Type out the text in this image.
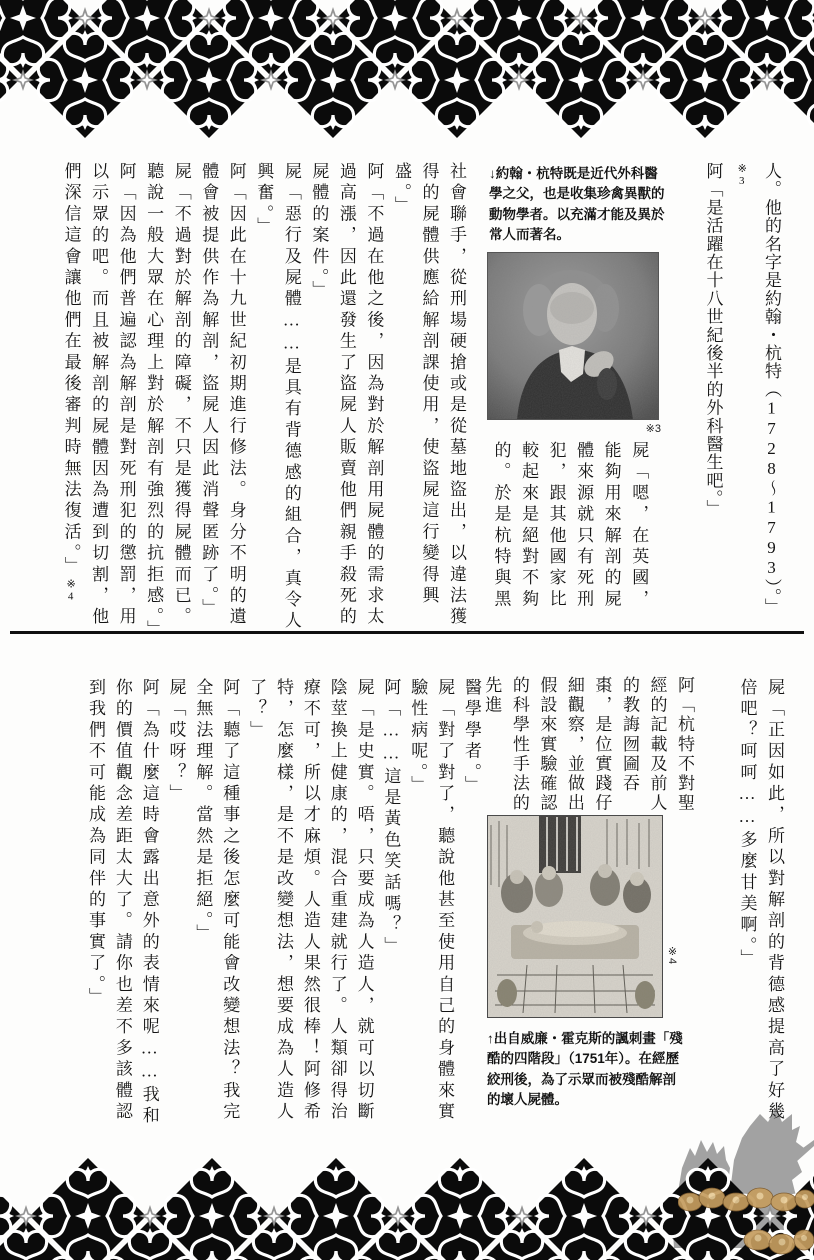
人。他的名字是約翰・杭特（1728～1793）。」※3

阿「是活躍在十八世紀後半的外科醫生吧。」

↓約翰・杭特既是近代外科醫學之父，也是收集珍禽異獸的動物學者。以充滿才能及異於常人而著名。
※3

屍「嗯，在英國，能夠用來解剖的屍體來源就只有死刑犯，跟其他國家比較起來是絕對不夠的。於是杭特與黑

社會聯手，從刑場硬搶或是從墓地盜出，以違法獲得的屍體供應給解剖課使用，使盜屍這行變得興盛。」

阿「不過在他之後，因為對於解剖用屍體的需求太過高漲，因此還發生了盜屍人販賣他們親手殺死的屍體的案件。」

屍「惡行及屍體……是具有背德感的組合，真令人興奮。」

阿「因此在十九世紀初期進行修法。身分不明的遺體會被提供作為解剖，盜屍人因此消聲匿跡了。」

屍「不過對於解剖的障礙，不只是獲得屍體而已。聽說一般大眾在心理上對於解剖有強烈的抗拒感。」

阿「因為他們普遍認為解剖是對死刑犯的懲罰，用以示眾的吧。而且被解剖的屍體因為遭到切割，他們深信這會讓他們在最後審判時無法復活。」※4

屍「正因如此，所以對解剖的背德感提高了好幾倍吧？呵呵……多麼甘美啊。」

阿「杭特不對聖經的記載及前人的教誨囫圇吞棗，是位實踐仔細觀察，並做出假設來實驗確認的科學性手法的先進

※4
↑出自威廉・霍克斯的諷刺畫「殘酷的四階段」（1751年）。在經歷絞刑後，為了示眾而被殘酷解剖的壞人屍體。

醫學學者。」

屍「對了對了，聽說他甚至使用自己的身體來實驗性病呢。」

阿「……這是黃色笑話嗎？」

屍「是史實。唔，只要成為人造人，就可以切斷陰莖換上健康的，混合重建就行了。人類卻得治療不可，所以才麻煩。人造人果然很棒！阿修希特，怎麼樣，是不是改變想法，想要成為人造人了？」

阿「聽了這種事之後怎麼可能會改變想法？我完全無法理解。當然是拒絕。」

屍「哎呀？」

阿「為什麼這時會露出意外的表情來呢……我和你的價值觀念差距太大了。請你也差不多該體認到我們不可能成為同伴的事實了。」
